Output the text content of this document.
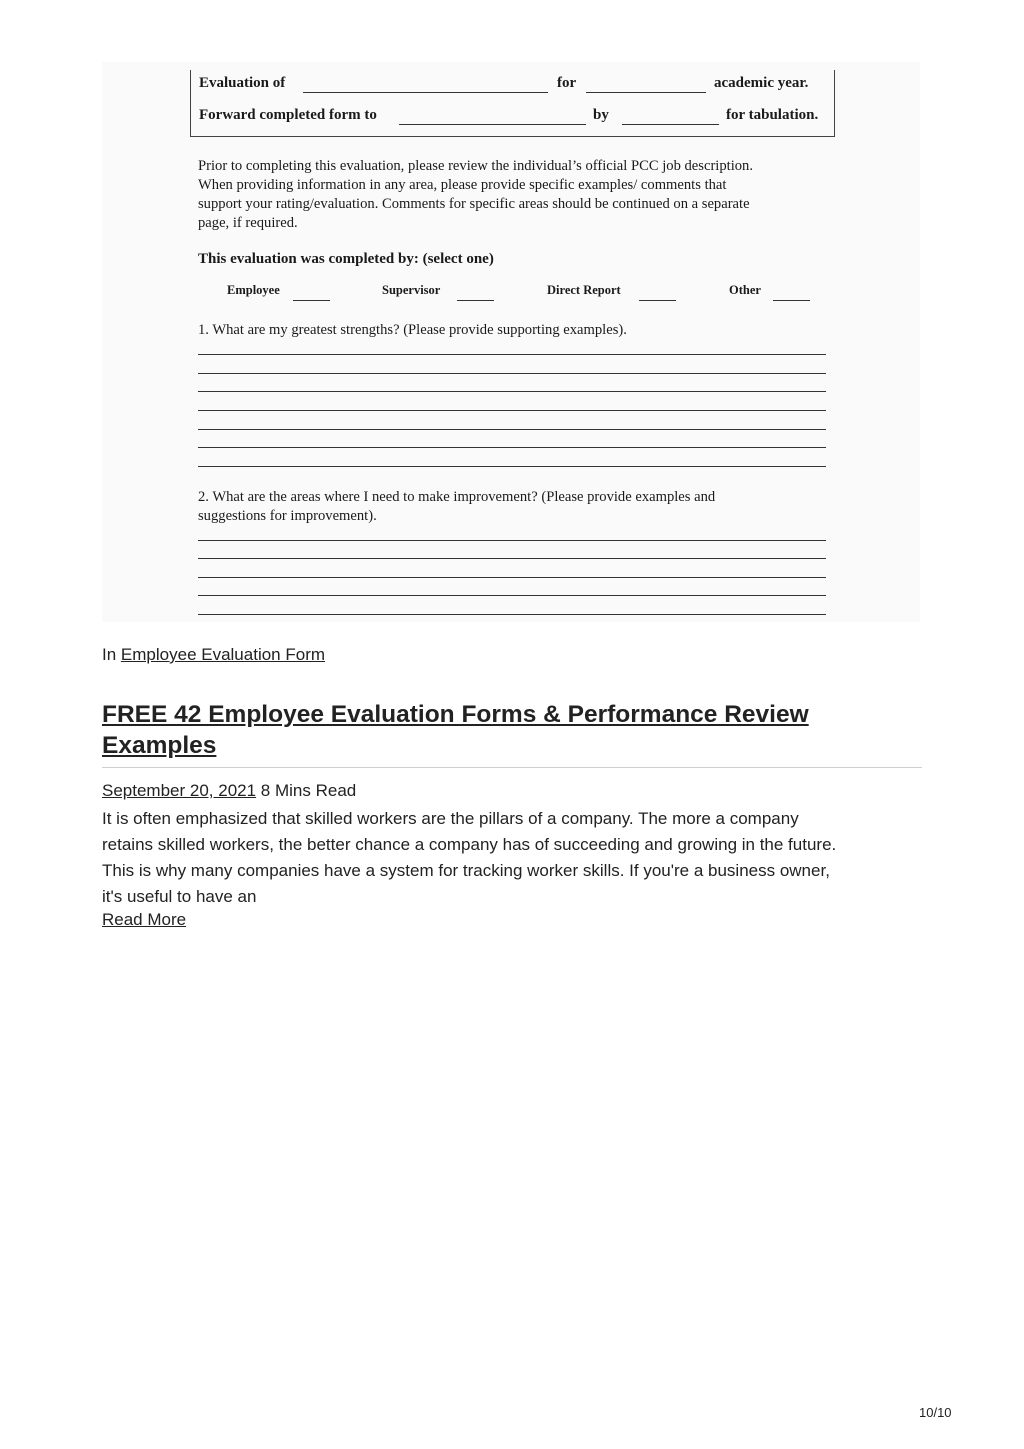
Evaluation of	for	academic year.
Forward completed form to	by	for tabulation.
Prior to completing this evaluation, please review the individual’s official PCC job description.
When providing information in any area, please provide specific examples/ comments that
support your rating/evaluation. Comments for specific areas should be continued on a separate
page, if required.
This evaluation was completed by: (select one)
Employee	Supervisor	Direct Report	Other
1. What are my greatest strengths? (Please provide supporting examples).
2. What are the areas where I need to make improvement? (Please provide examples and
suggestions for improvement).
In Employee Evaluation Form
FREE 42 Employee Evaluation Forms & Performance Review Examples
September 20, 2021 8 Mins Read
It is often emphasized that skilled workers are the pillars of a company. The more a company
retains skilled workers, the better chance a company has of succeeding and growing in the future.
This is why many companies have a system for tracking worker skills. If you're a business owner,
it's useful to have an
Read More
10/10
